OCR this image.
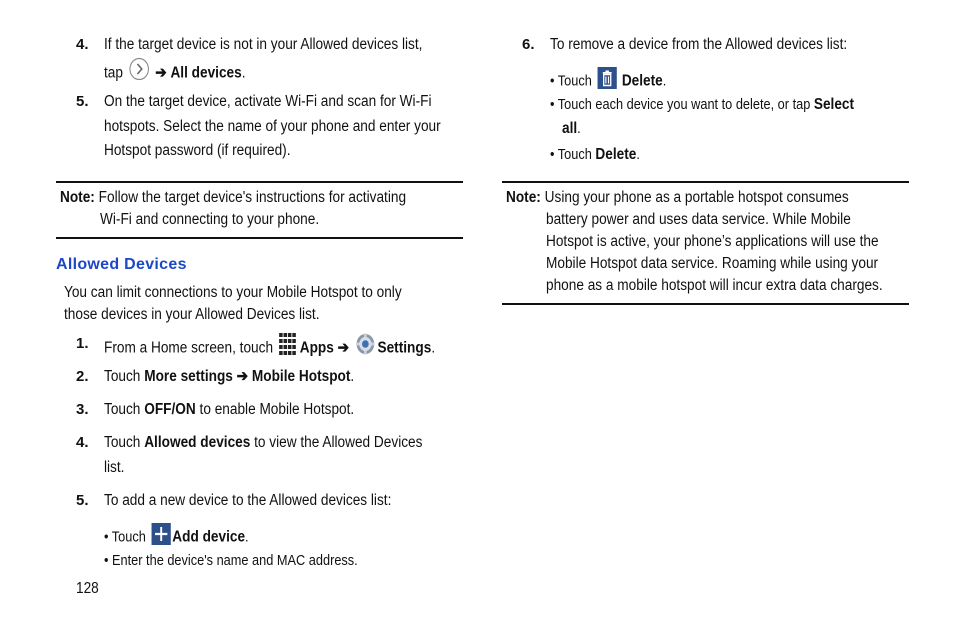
4. If the target device is not in your Allowed devices list,
tap ➔ All devices.
5. On the target device, activate Wi-Fi and scan for Wi-Fi
hotspots. Select the name of your phone and enter your
Hotspot password (if required).
Note: Follow the target device's instructions for activating
Wi-Fi and connecting to your phone.
Allowed Devices
You can limit connections to your Mobile Hotspot to only
those devices in your Allowed Devices list.
1. From a Home screen, touch Apps ➔ Settings.
2. Touch More settings ➔ Mobile Hotspot.
3. Touch OFF/ON to enable Mobile Hotspot.
4. Touch Allowed devices to view the Allowed Devices
list.
5. To add a new device to the Allowed devices list:
• Touch Add device.
• Enter the device's name and MAC address.
128
6. To remove a device from the Allowed devices list:
• Touch Delete.
• Touch each device you want to delete, or tap Select
all.
• Touch Delete.
Note: Using your phone as a portable hotspot consumes
battery power and uses data service. While Mobile
Hotspot is active, your phone’s applications will use the
Mobile Hotspot data service. Roaming while using your
phone as a mobile hotspot will incur extra data charges.
